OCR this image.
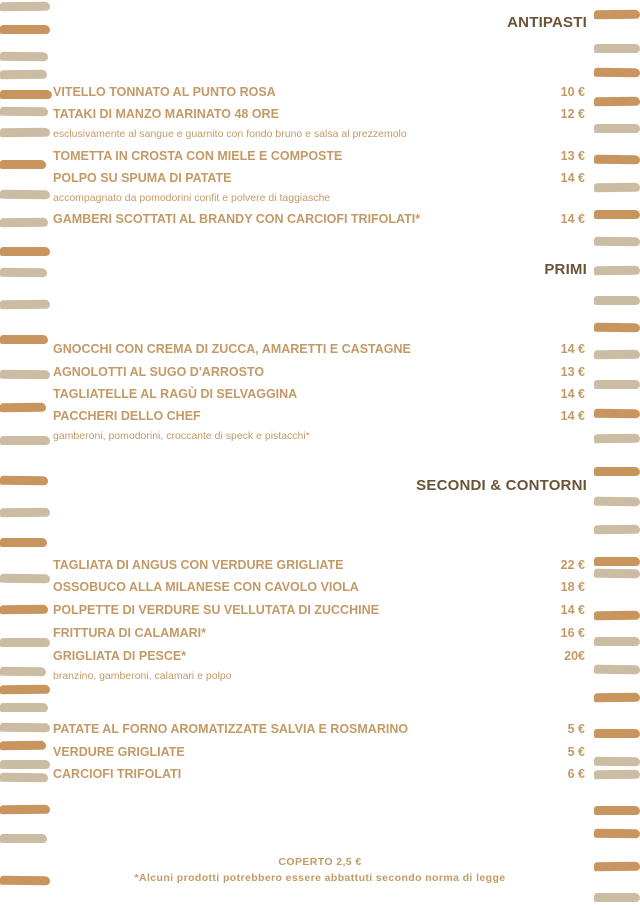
ANTIPASTI
VITELLO TONNATO AL PUNTO ROSA	10 €
TATAKI DI MANZO MARINATO 48 ORE	12 €
esclusivamente al sangue e guarnito con fondo bruno e salsa al prezzemolo
TOMETTA IN CROSTA CON MIELE E COMPOSTE	13 €
POLPO SU SPUMA DI PATATE	14 €
accompagnato da pomodorini confit e polvere di taggiasche
GAMBERI SCOTTATI AL BRANDY CON CARCIOFI TRIFOLATI*	14 €
PRIMI
GNOCCHI CON CREMA DI ZUCCA, AMARETTI E CASTAGNE	14 €
AGNOLOTTI AL SUGO D'ARROSTO	13 €
TAGLIATELLE AL RAGÙ DI SELVAGGINA	14 €
PACCHERI DELLO CHEF	14 €
gamberoni, pomodorini, croccante di speck e pistacchi*
SECONDI & CONTORNI
TAGLIATA DI ANGUS CON VERDURE GRIGLIATE	22 €
OSSOBUCO ALLA MILANESE CON CAVOLO VIOLA	18 €
POLPETTE DI VERDURE SU VELLUTATA DI ZUCCHINE	14 €
FRITTURA DI CALAMARI*	16 €
GRIGLIATA DI PESCE*	20€
branzino, gamberoni, calamari e polpo
PATATE AL FORNO AROMATIZZATE SALVIA E ROSMARINO	5 €
VERDURE GRIGLIATE	5 €
CARCIOFI TRIFOLATI	6 €
COPERTO 2,5 €
*Alcuni prodotti potrebbero essere abbattuti secondo norma di legge
